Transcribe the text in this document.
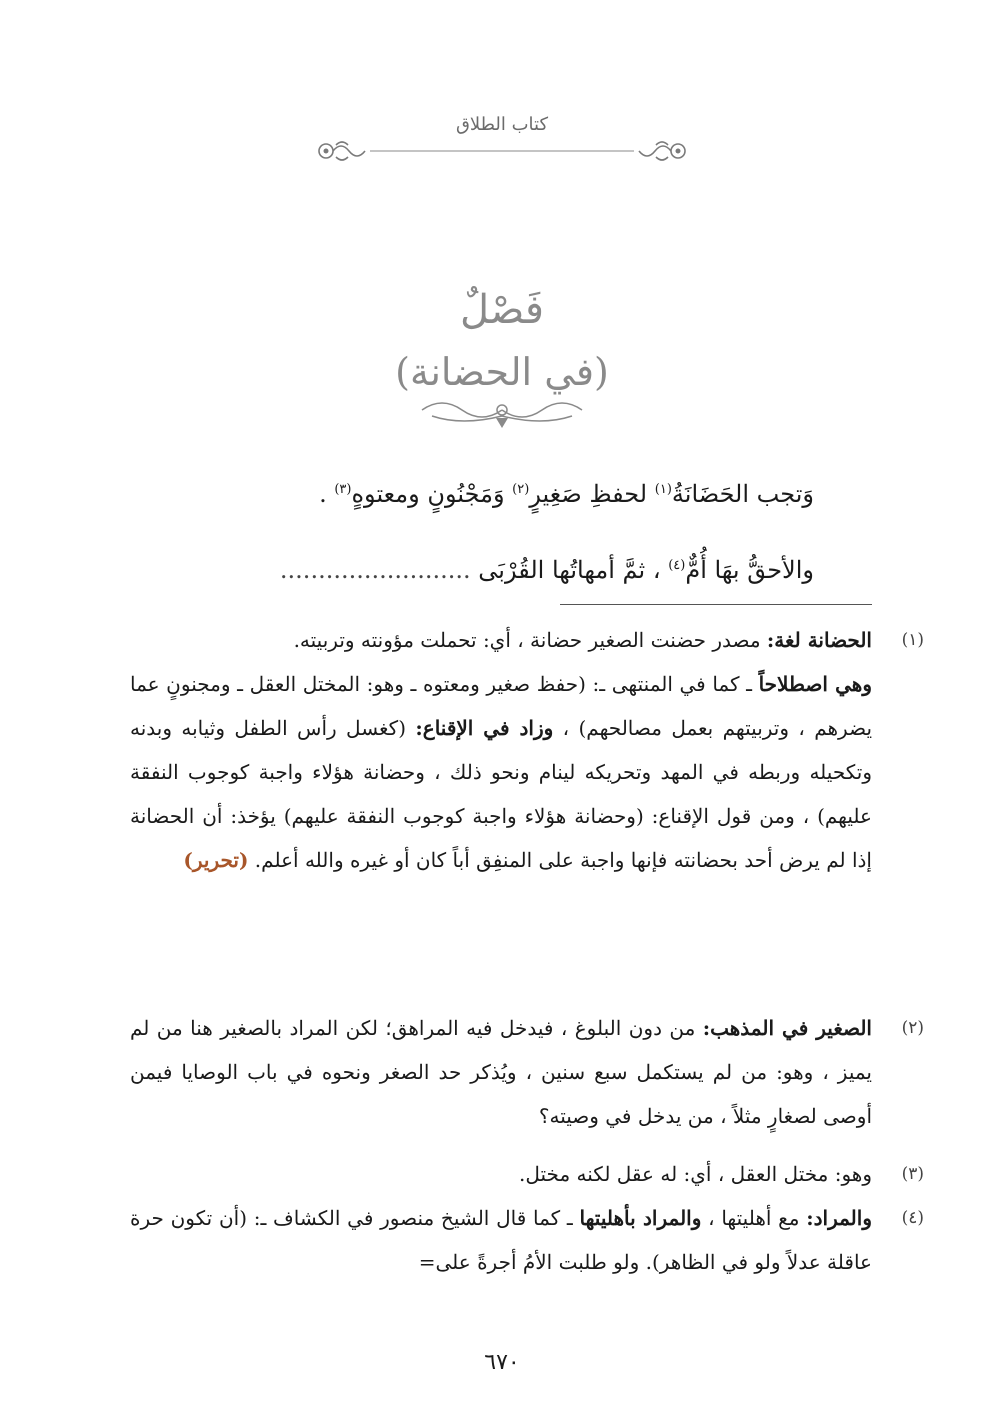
كتاب الطلاق
فَصْلٌ
(في الحضانة)
وَتجب الحَضَانَةُ$^{(١)}$ لحفظِ صَغِيرٍ$^{(٢)}$ وَمَجْنُونٍ ومعتوهٍ$^{(٣)}$ .
والأحقُّ بهَا أُمٌّ$^{(٤)}$ ، ثمَّ أمهاتُها القُرْبَى .........................
(١)

الحضانة لغة: مصدر حضنت الصغير حضانة ، أي: تحملت مؤونته وتربيته.
وهي اصطلاحاً ـ كما في المنتهى ـ: (حفظ صغير ومعتوه ـ وهو: المختل العقل ـ ومجنونٍ عما يضرهم ، وتربيتهم بعمل مصالحهم) ، وزاد في الإقناع: (كغسل رأس الطفل وثيابه وبدنه وتكحيله وربطه في المهد وتحريكه لينام ونحو ذلك ، وحضانة هؤلاء واجبة كوجوب النفقة عليهم) ، ومن قول الإقناع: (وحضانة هؤلاء واجبة كوجوب النفقة عليهم) يؤخذ: أن الحضانة إذا لم يرض أحد بحضانته فإنها واجبة على المنفِق أباً كان أو غيره والله أعلم. (تحرير)

(٢)

الصغير في المذهب: من دون البلوغ ، فيدخل فيه المراهق؛ لكن المراد بالصغير هنا من لم يميز ، وهو: من لم يستكمل سبع سنين ، ويُذكر حد الصغر ونحوه في باب الوصايا فيمن أوصى لصغارٍ مثلاً ، من يدخل في وصيته؟

(٣)

وهو: مختل العقل ، أي: له عقل لكنه مختل.

(٤)

والمراد: مع أهليتها ، والمراد بأهليتها ـ كما قال الشيخ منصور في الكشاف ـ: (أن تكون حرة عاقلة عدلاً ولو في الظاهر). ولو طلبت الأمُ أجرةً على=

٦٧٠
